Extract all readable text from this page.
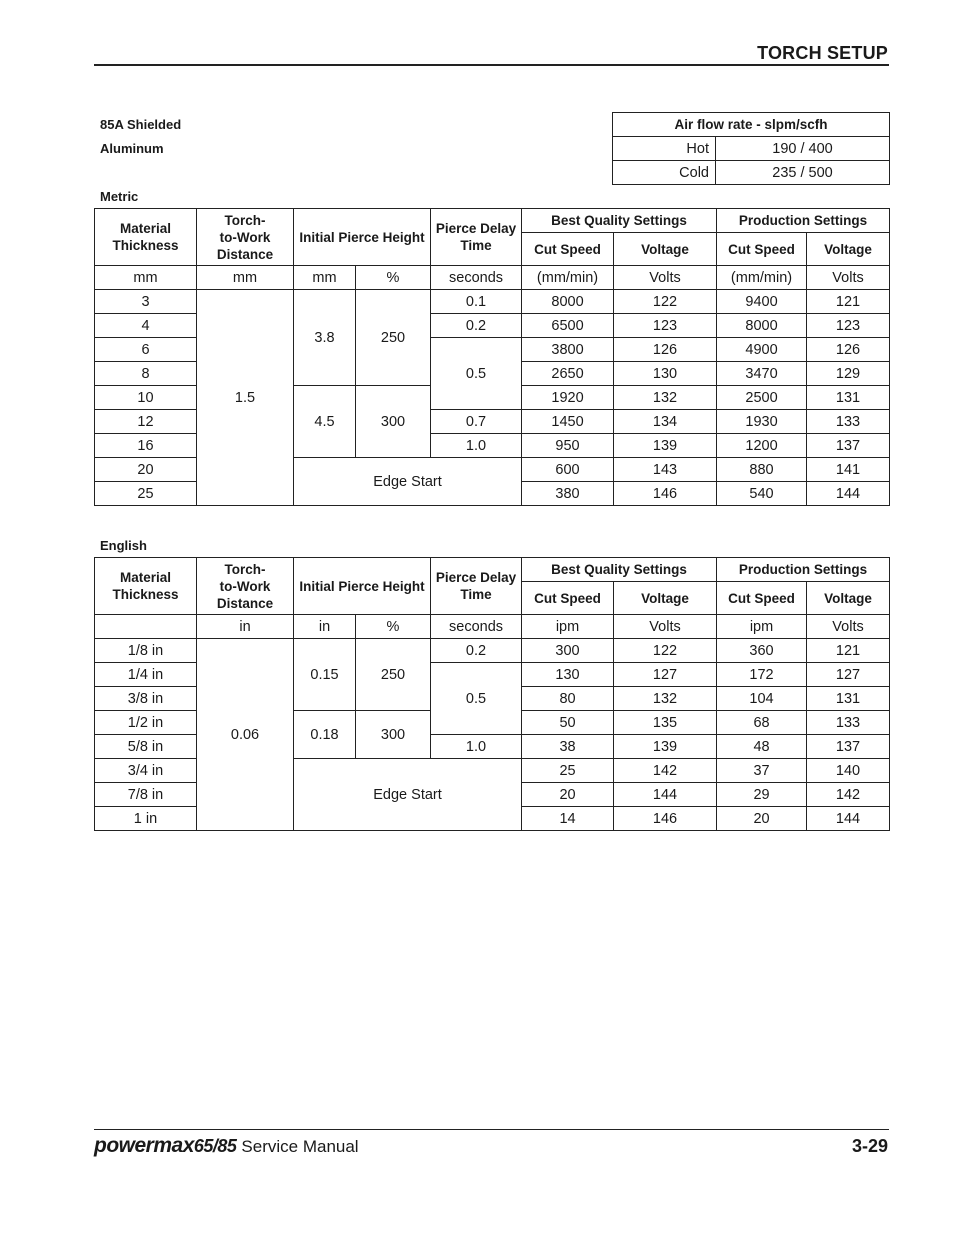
TORCH SETUP
85A Shielded
Aluminum
Air flow rate - slpm/scfh	
Hot	190 / 400
Cold	235 / 500
Metric
Material Thickness	Torch-
to-Work
Distance	Initial Pierce Height		Pierce Delay Time	Best Quality Settings		Production Settings	
					Cut Speed	Voltage	Cut Speed	Voltage
mm	mm	mm	%	seconds	(mm/min)	Volts	(mm/min)	Volts
3	1.5	3.8	250	0.1	8000	122	9400	121
4				0.2	6500	123	8000	123
6				0.5	3800	126	4900	126
8					2650	130	3470	129
10		4.5	300		1920	132	2500	131
12				0.7	1450	134	1930	133
16				1.0	950	139	1200	137
20		Edge Start			600	143	880	141
25					380	146	540	144
English
Material Thickness	Torch-
to-Work
Distance	Initial Pierce Height		Pierce Delay Time	Best Quality Settings		Production Settings	
					Cut Speed	Voltage	Cut Speed	Voltage
	in	in	%	seconds	ipm	Volts	ipm	Volts
1/8 in	0.06	0.15	250	0.2	300	122	360	121
1/4 in				0.5	130	127	172	127
3/8 in					80	132	104	131
1/2 in		0.18	300		50	135	68	133
5/8 in				1.0	38	139	48	137
3/4 in		Edge Start			25	142	37	140
7/8 in					20	144	29	142
1 in					14	146	20	144
powermax65/85 Service Manual	3-29
